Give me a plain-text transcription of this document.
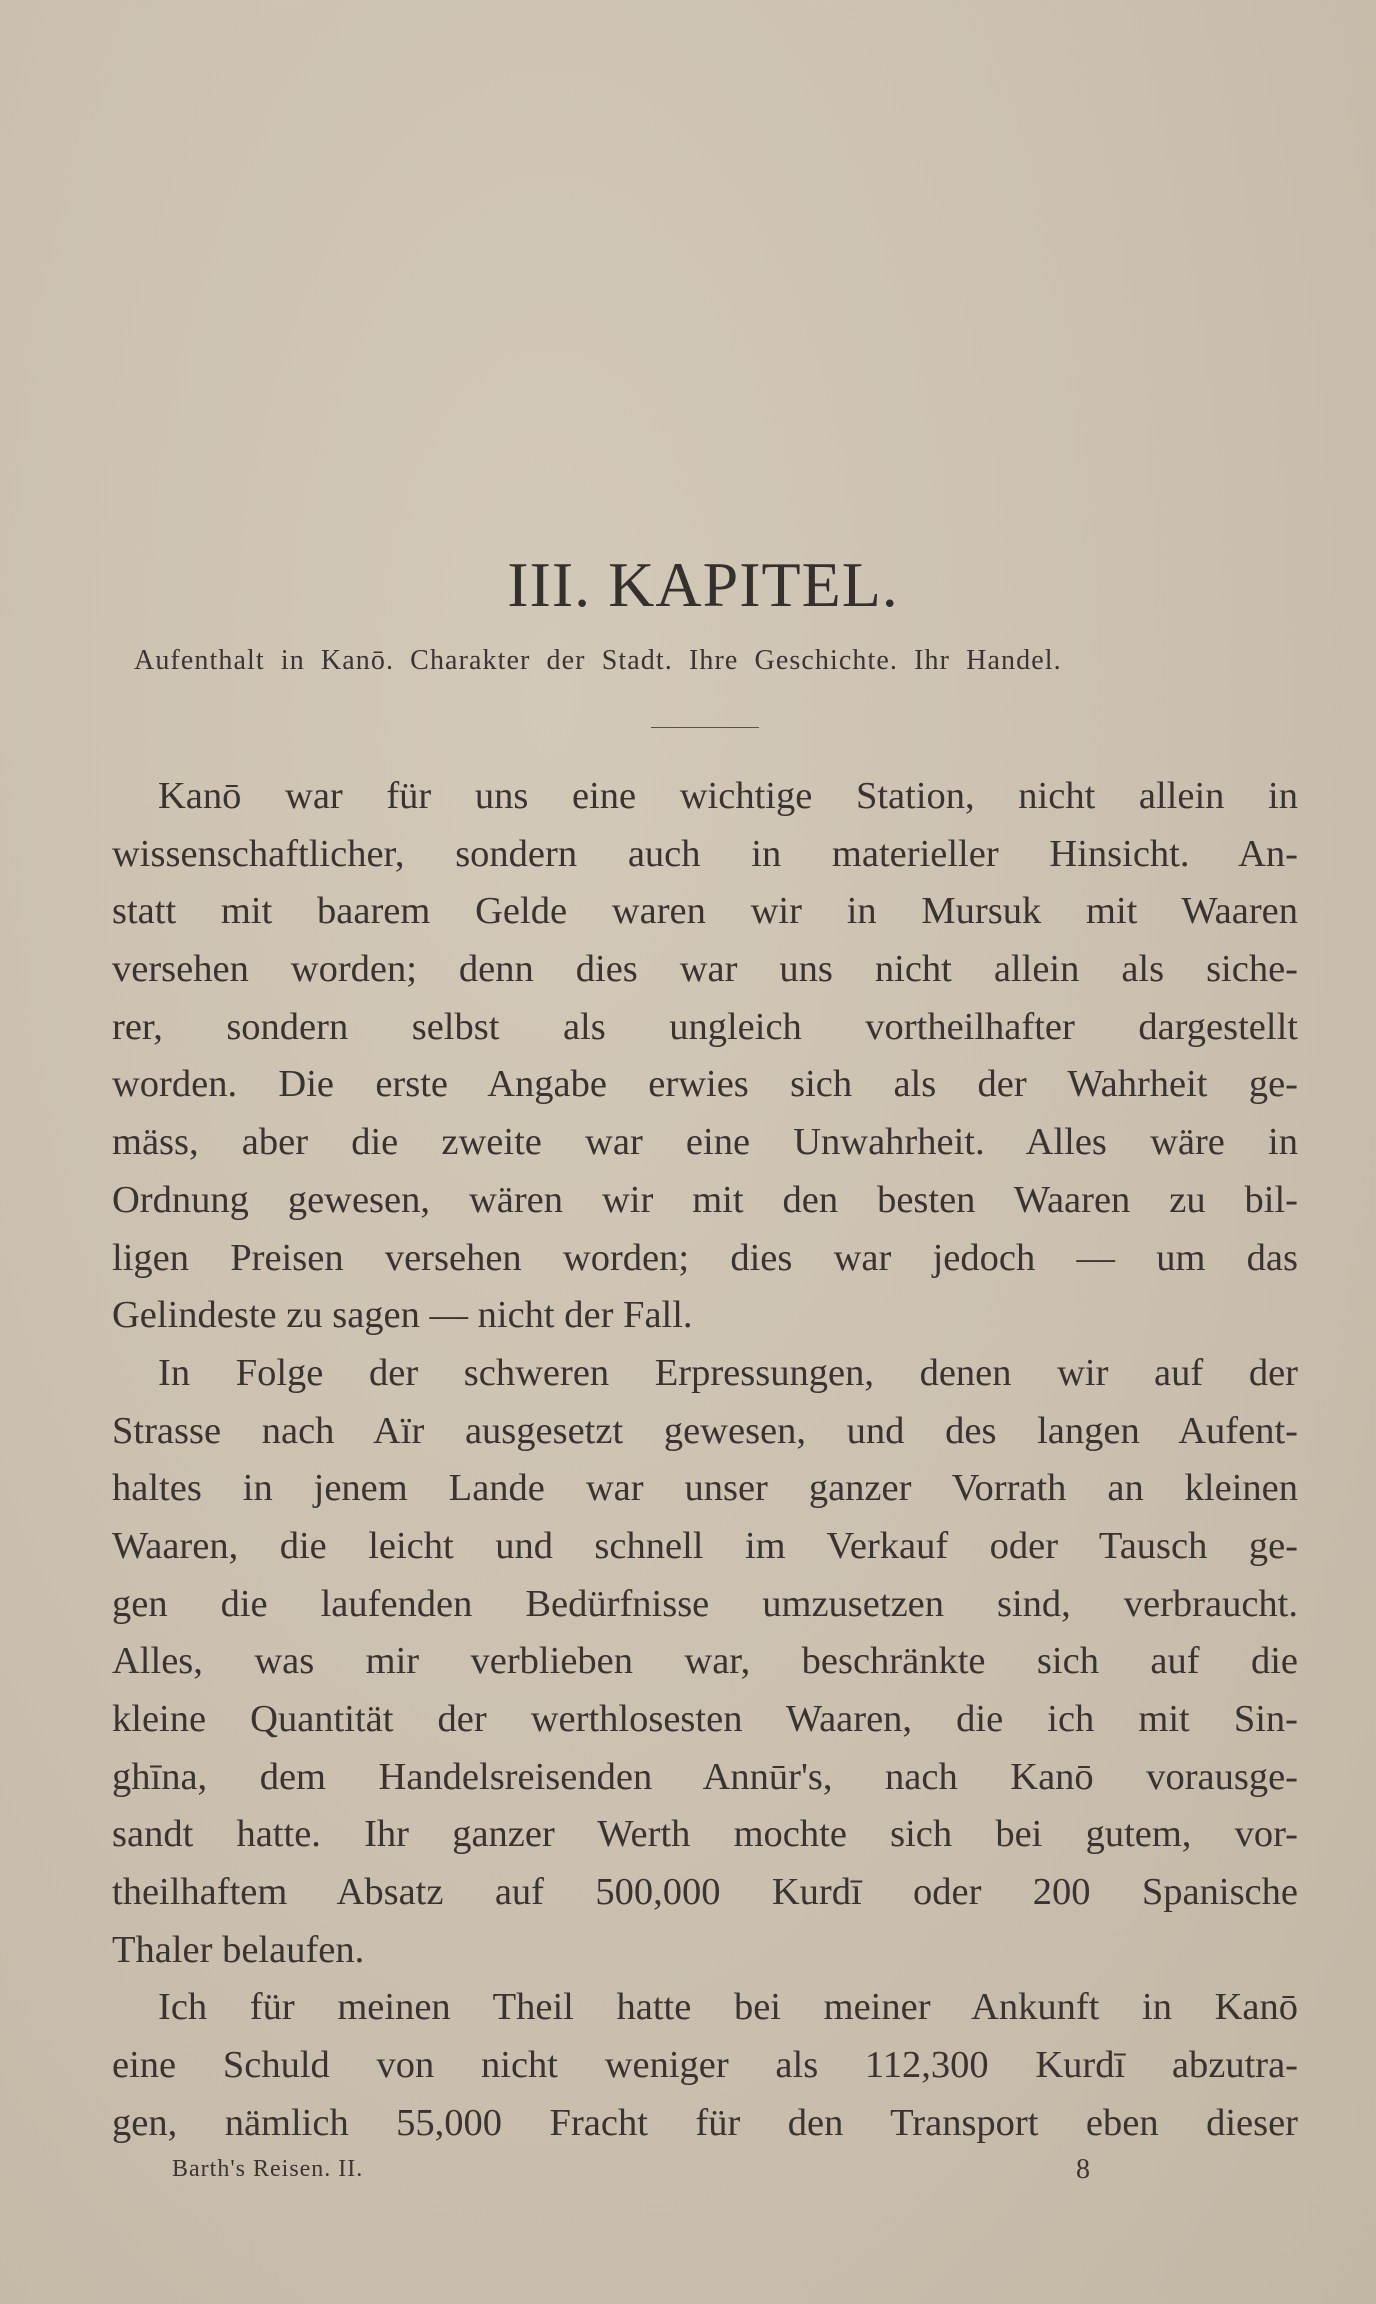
III. KAPITEL.
Aufenthalt in Kanō. Charakter der Stadt. Ihre Geschichte. Ihr Handel.
Kanō war für uns eine wichtige Station, nicht allein in
wissenschaftlicher, sondern auch in materieller Hinsicht. An-
statt mit baarem Gelde waren wir in Mursuk mit Waaren
versehen worden; denn dies war uns nicht allein als siche-
rer, sondern selbst als ungleich vortheilhafter dargestellt
worden. Die erste Angabe erwies sich als der Wahrheit ge-
mäss, aber die zweite war eine Unwahrheit. Alles wäre in
Ordnung gewesen, wären wir mit den besten Waaren zu bil-
ligen Preisen versehen worden; dies war jedoch — um das
Gelindeste zu sagen — nicht der Fall.
In Folge der schweren Erpressungen, denen wir auf der
Strasse nach Aïr ausgesetzt gewesen, und des langen Aufent-
haltes in jenem Lande war unser ganzer Vorrath an kleinen
Waaren, die leicht und schnell im Verkauf oder Tausch ge-
gen die laufenden Bedürfnisse umzusetzen sind, verbraucht.
Alles, was mir verblieben war, beschränkte sich auf die
kleine Quantität der werthlosesten Waaren, die ich mit Sin-
ghīna, dem Handelsreisenden Annūr's, nach Kanō vorausge-
sandt hatte. Ihr ganzer Werth mochte sich bei gutem, vor-
theilhaftem Absatz auf 500,000 Kurdī oder 200 Spanische
Thaler belaufen.
Ich für meinen Theil hatte bei meiner Ankunft in Kanō
eine Schuld von nicht weniger als 112,300 Kurdī abzutra-
gen, nämlich 55,000 Fracht für den Transport eben dieser
Barth's Reisen. II.	8
